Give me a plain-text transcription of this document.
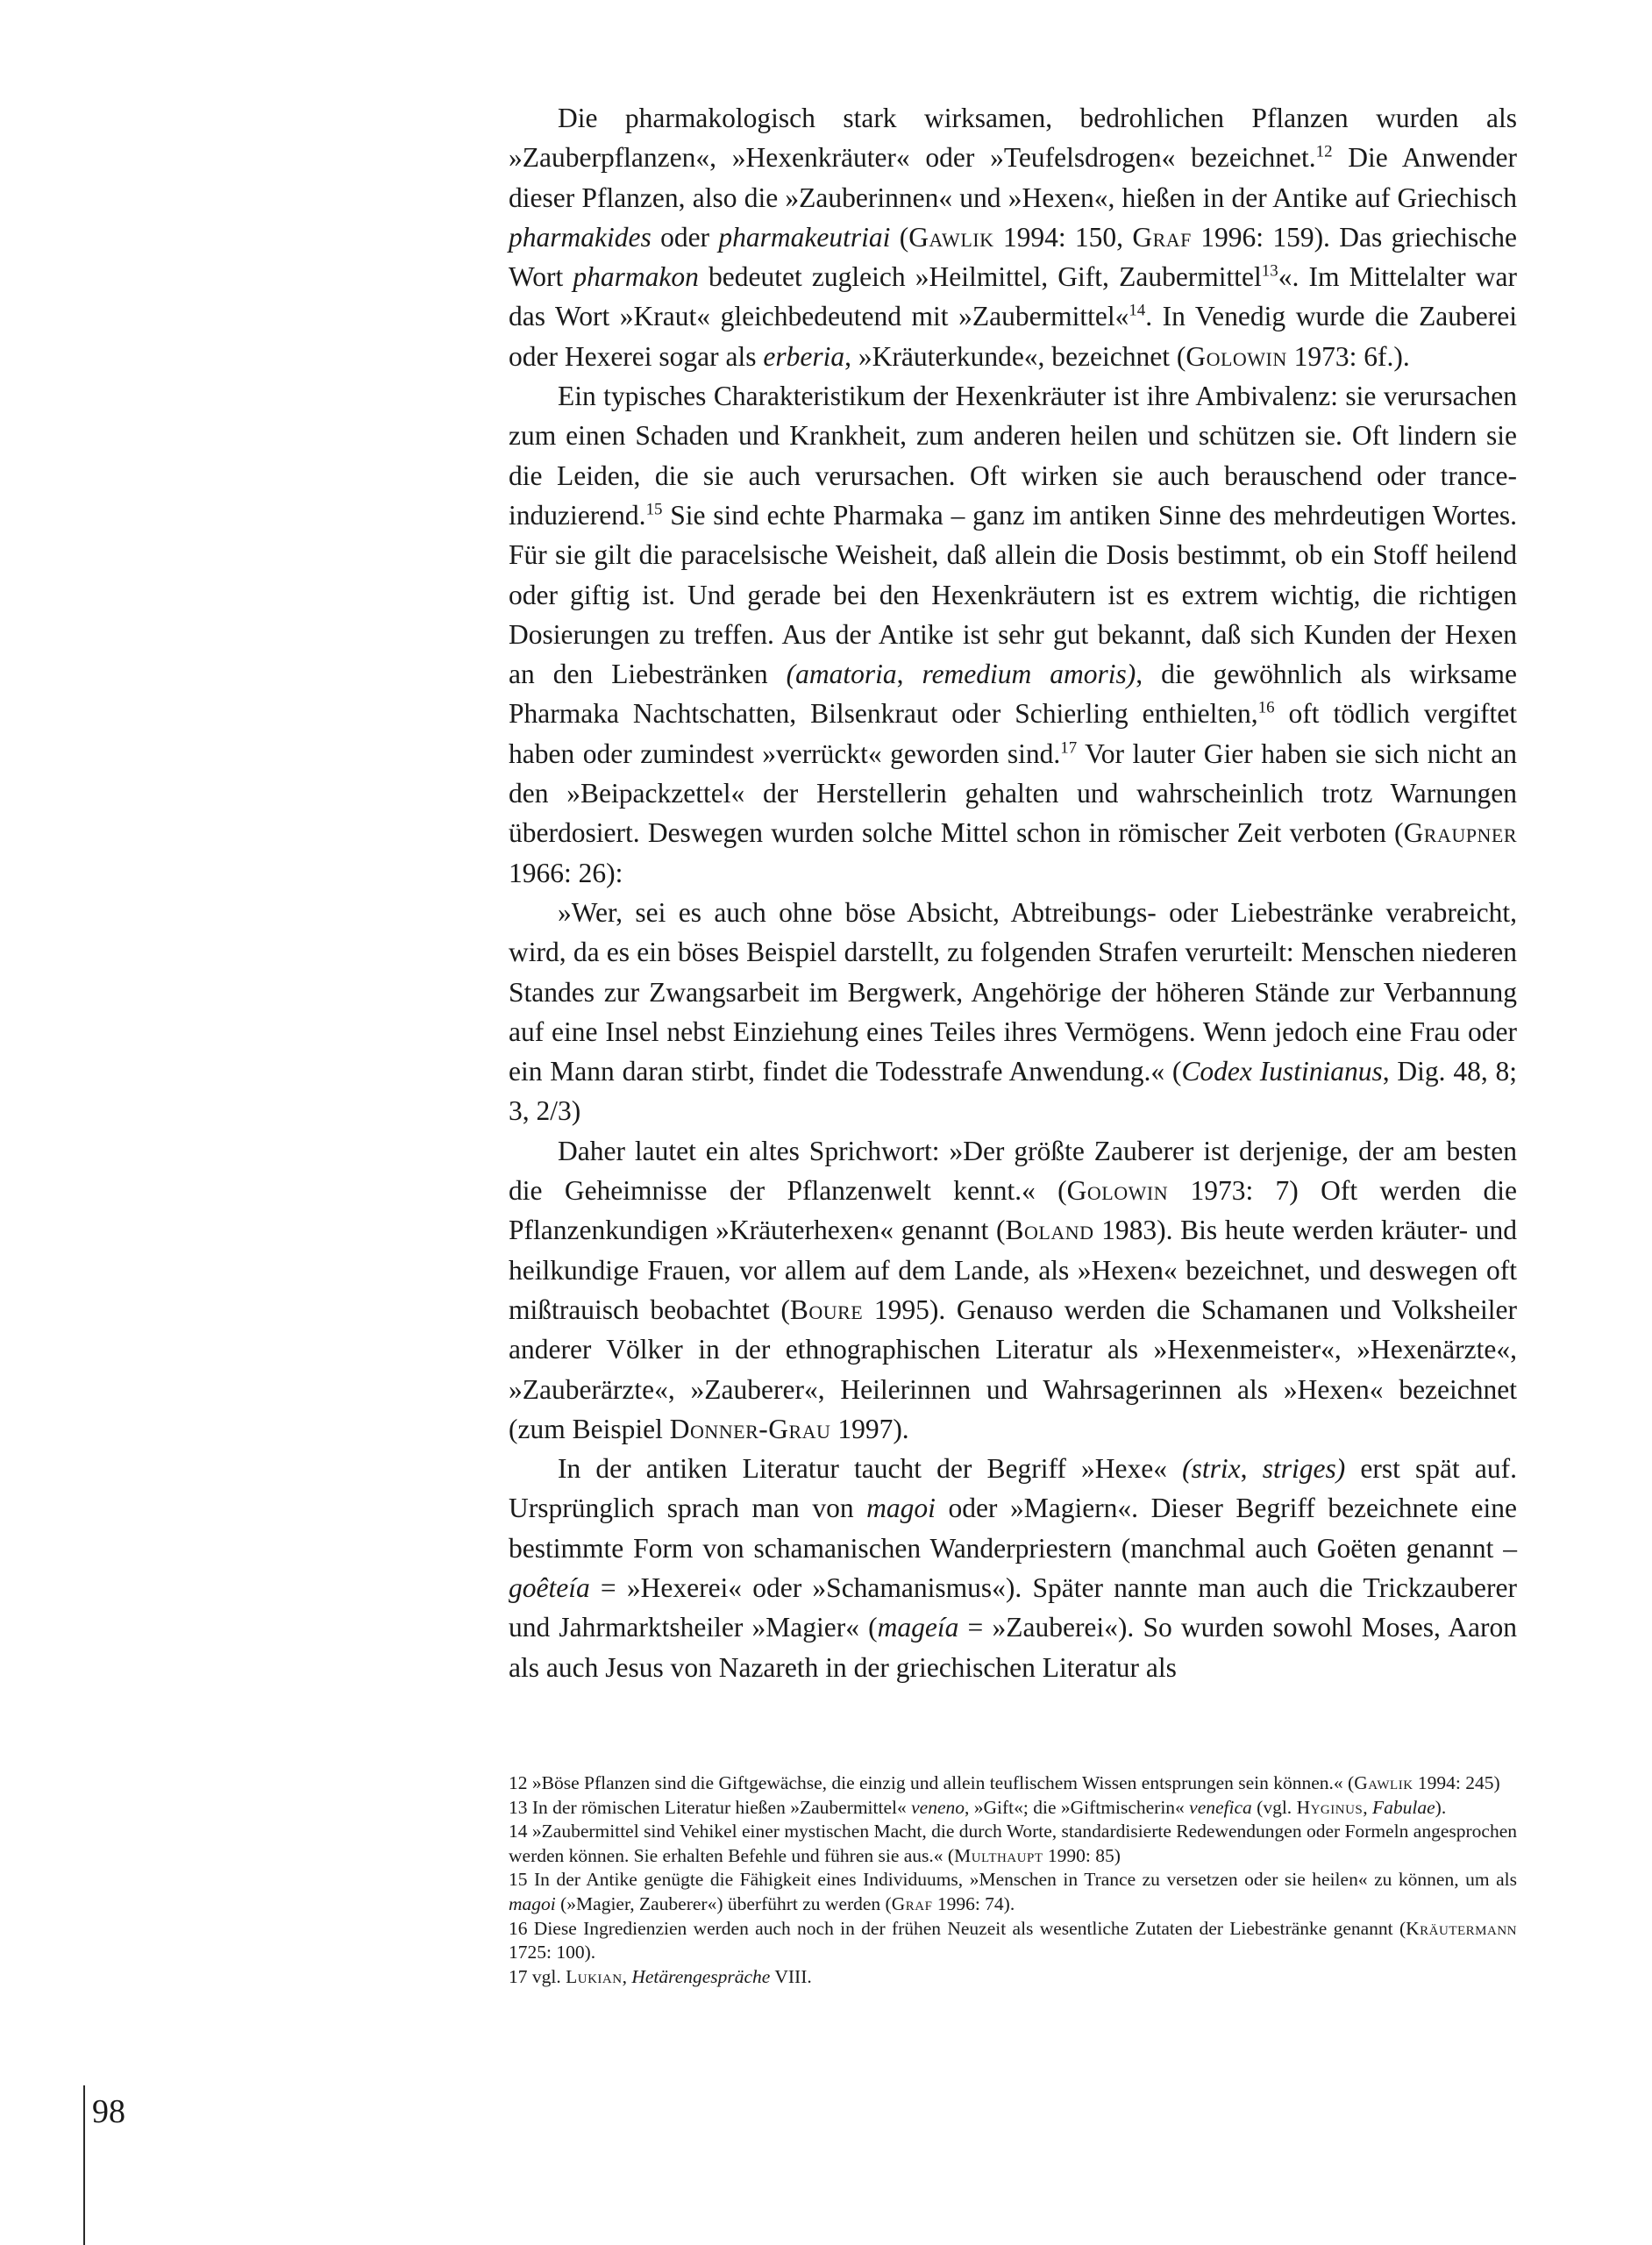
Die pharmakologisch stark wirksamen, bedrohlichen Pflanzen wurden als »Zauberpflanzen«, »Hexenkräuter« oder »Teufelsdrogen« bezeichnet.$^{12}$ Die Anwender dieser Pflanzen, also die »Zauberinnen« und »Hexen«, hießen in der Antike auf Griechisch pharmakides oder pharmakeutriai (Gawlik 1994: 150, Graf 1996: 159). Das griechische Wort pharmakon bedeutet zugleich »Heilmittel, Gift, Zaubermittel$^{13}$«. Im Mittelalter war das Wort »Kraut« gleichbedeutend mit »Zaubermittel«$^{14}$. In Venedig wurde die Zauberei oder Hexerei sogar als erberia, »Kräuterkunde«, bezeichnet (Golowin 1973: 6f.).

Ein typisches Charakteristikum der Hexenkräuter ist ihre Ambivalenz: sie verursachen zum einen Schaden und Krankheit, zum anderen heilen und schützen sie. Oft lindern sie die Leiden, die sie auch verursachen. Oft wirken sie auch berauschend oder trance-induzierend.$^{15}$ Sie sind echte Pharmaka – ganz im antiken Sinne des mehrdeutigen Wortes. Für sie gilt die paracelsische Weisheit, daß allein die Dosis bestimmt, ob ein Stoff heilend oder giftig ist. Und gerade bei den Hexenkräutern ist es extrem wichtig, die richtigen Dosierungen zu treffen. Aus der Antike ist sehr gut bekannt, daß sich Kunden der Hexen an den Liebestränken (amatoria, remedium amoris), die gewöhnlich als wirksame Pharmaka Nachtschatten, Bilsenkraut oder Schierling enthielten,$^{16}$ oft tödlich vergiftet haben oder zumindest »verrückt« geworden sind.$^{17}$ Vor lauter Gier haben sie sich nicht an den »Beipackzettel« der Herstellerin gehalten und wahrscheinlich trotz Warnungen überdosiert. Deswegen wurden solche Mittel schon in römischer Zeit verboten (Graupner 1966: 26):

»Wer, sei es auch ohne böse Absicht, Abtreibungs- oder Liebestränke verabreicht, wird, da es ein böses Beispiel darstellt, zu folgenden Strafen verurteilt: Menschen niederen Standes zur Zwangsarbeit im Bergwerk, Angehörige der höheren Stände zur Verbannung auf eine Insel nebst Einziehung eines Teiles ihres Vermögens. Wenn jedoch eine Frau oder ein Mann daran stirbt, findet die Todesstrafe Anwendung.« (Codex Iustinianus, Dig. 48, 8; 3, 2/3)

Daher lautet ein altes Sprichwort: »Der größte Zauberer ist derjenige, der am besten die Geheimnisse der Pflanzenwelt kennt.« (Golowin 1973: 7) Oft werden die Pflanzenkundigen »Kräuterhexen« genannt (Boland 1983). Bis heute werden kräuter- und heilkundige Frauen, vor allem auf dem Lande, als »Hexen« bezeichnet, und deswegen oft mißtrauisch beobachtet (Boure 1995). Genauso werden die Schamanen und Volksheiler anderer Völker in der ethnographischen Literatur als »Hexenmeister«, »Hexenärzte«, »Zauberärzte«, »Zauberer«, Heilerinnen und Wahrsagerinnen als »Hexen« bezeichnet (zum Beispiel Donner-Grau 1997).

In der antiken Literatur taucht der Begriff »Hexe« (strix, striges) erst spät auf. Ursprünglich sprach man von magoi oder »Magiern«. Dieser Begriff bezeichnete eine bestimmte Form von schamanischen Wanderpriestern (manchmal auch Goëten genannt – goêteía = »Hexerei« oder »Schamanismus«). Später nannte man auch die Trickzauberer und Jahrmarktsheiler »Magier« (mageía = »Zauberei«). So wurden sowohl Moses, Aaron als auch Jesus von Nazareth in der griechischen Literatur als

12 »Böse Pflanzen sind die Giftgewächse, die einzig und allein teuflischem Wissen entsprungen sein können.« (Gawlik 1994: 245)

13 In der römischen Literatur hießen »Zaubermittel« veneno, »Gift«; die »Giftmischerin« venefica (vgl. Hyginus, Fabulae).

14 »Zaubermittel sind Vehikel einer mystischen Macht, die durch Worte, standardisierte Redewendungen oder Formeln angesprochen werden können. Sie erhalten Befehle und führen sie aus.« (Multhaupt 1990: 85)

15 In der Antike genügte die Fähigkeit eines Individuums, »Menschen in Trance zu versetzen oder sie heilen« zu können, um als magoi (»Magier, Zauberer«) überführt zu werden (Graf 1996: 74).

16 Diese Ingredienzien werden auch noch in der frühen Neuzeit als wesentliche Zutaten der Liebestränke genannt (Kräutermann 1725: 100).

17 vgl. Lukian, Hetärengespräche VIII.

98
